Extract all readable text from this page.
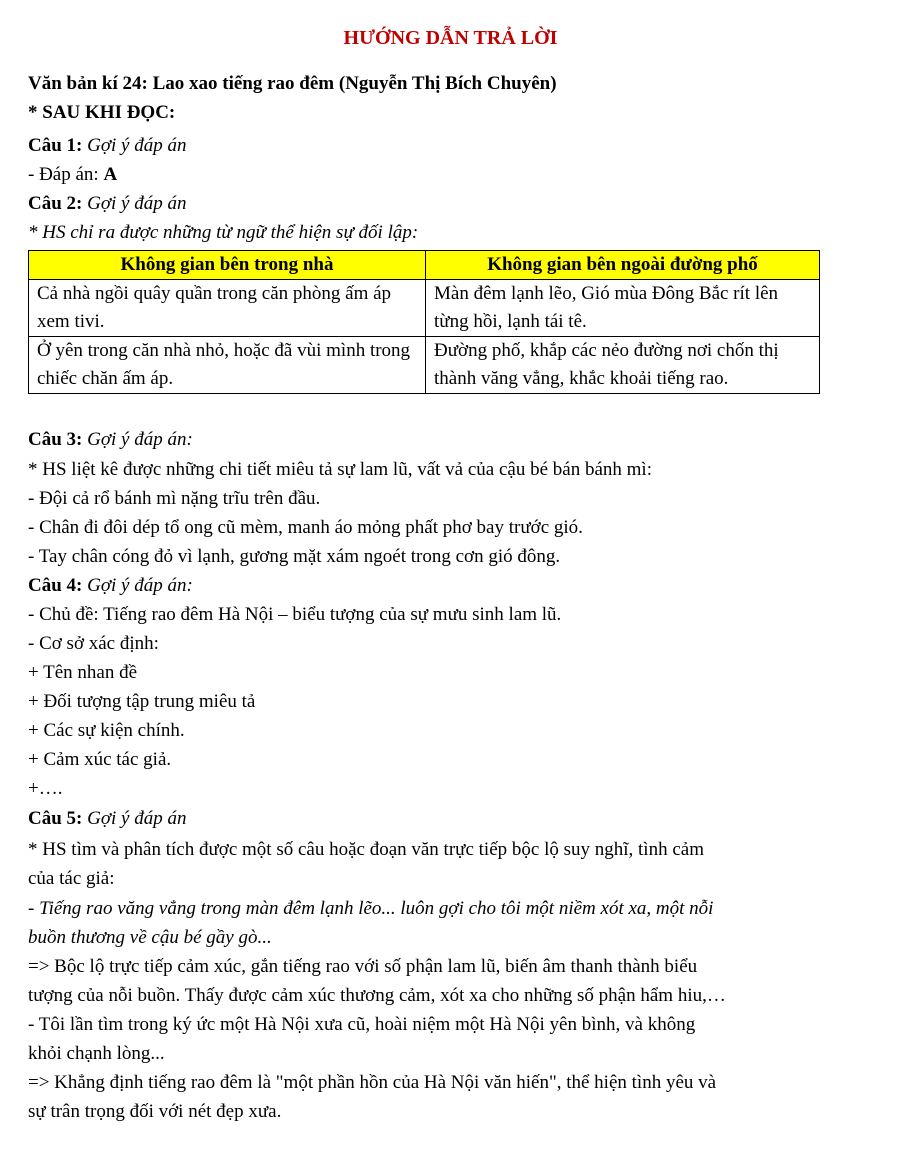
HƯỚNG DẪN TRẢ LỜI
Văn bản kí 24: Lao xao tiếng rao đêm (Nguyễn Thị Bích Chuyên)
* SAU KHI ĐỌC:
Câu 1: Gợi ý đáp án
- Đáp án: A
Câu 2: Gợi ý đáp án
* HS chỉ ra được những từ ngữ thể hiện sự đối lập:
Không gian bên trong nhà	Không gian bên ngoài đường phố
Cả nhà ngồi quây quần trong căn phòng ấm áp xem tivi.	Màn đêm lạnh lẽo, Gió mùa Đông Bắc rít lên từng hồi, lạnh tái tê.
Ở yên trong căn nhà nhỏ, hoặc đã vùi mình trong chiếc chăn ấm áp.	Đường phố, khắp các nẻo đường nơi chốn thị thành văng vẳng, khắc khoải tiếng rao.
Câu 3: Gợi ý đáp án:
* HS liệt kê được những chi tiết miêu tả sự lam lũ, vất vả của cậu bé bán bánh mì:
- Đội cả rổ bánh mì nặng trĩu trên đầu.
- Chân đi đôi dép tổ ong cũ mèm, manh áo mỏng phất phơ bay trước gió.
- Tay chân cóng đỏ vì lạnh, gương mặt xám ngoét trong cơn gió đông.
Câu 4: Gợi ý đáp án:
- Chủ đề: Tiếng rao đêm Hà Nội – biểu tượng của sự mưu sinh lam lũ.
- Cơ sở xác định:
+ Tên nhan đề
+ Đối tượng tập trung miêu tả
+ Các sự kiện chính.
+ Cảm xúc tác giả.
+….
Câu 5: Gợi ý đáp án
* HS tìm và phân tích được một số câu hoặc đoạn văn trực tiếp bộc lộ suy nghĩ, tình cảm
của tác giả:
- Tiếng rao văng vẳng trong màn đêm lạnh lẽo... luôn gợi cho tôi một niềm xót xa, một nỗi
buồn thương về cậu bé gầy gò...
=> Bộc lộ trực tiếp cảm xúc, gắn tiếng rao với số phận lam lũ, biến âm thanh thành biểu
tượng của nỗi buồn. Thấy được cảm xúc thương cảm, xót xa cho những số phận hẩm hiu,…
- Tôi lần tìm trong ký ức một Hà Nội xưa cũ, hoài niệm một Hà Nội yên bình, và không
khỏi chạnh lòng...
=> Khẳng định tiếng rao đêm là "một phần hồn của Hà Nội văn hiến", thể hiện tình yêu và
sự trân trọng đối với nét đẹp xưa.
